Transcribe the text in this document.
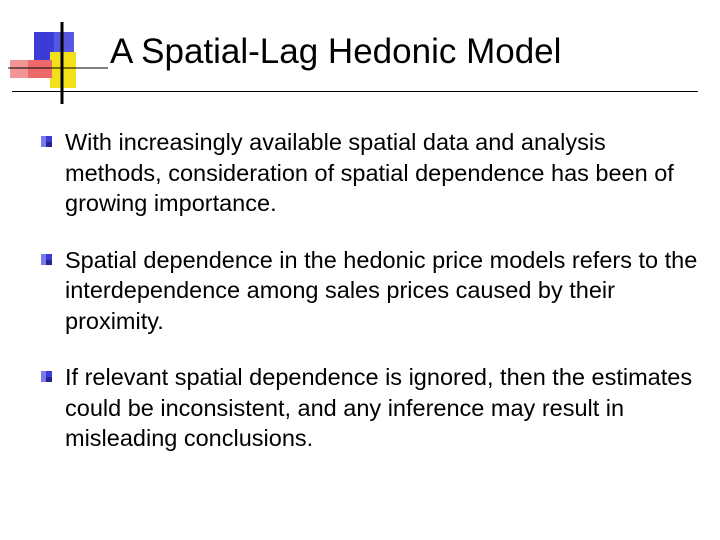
A Spatial-Lag Hedonic Model
With increasingly available spatial data and analysis methods, consideration of spatial dependence has been of growing importance.
Spatial dependence in the hedonic price models refers to the interdependence among sales prices caused by their proximity.
If relevant spatial dependence is ignored, then the estimates could be inconsistent, and any inference may result in misleading conclusions.
